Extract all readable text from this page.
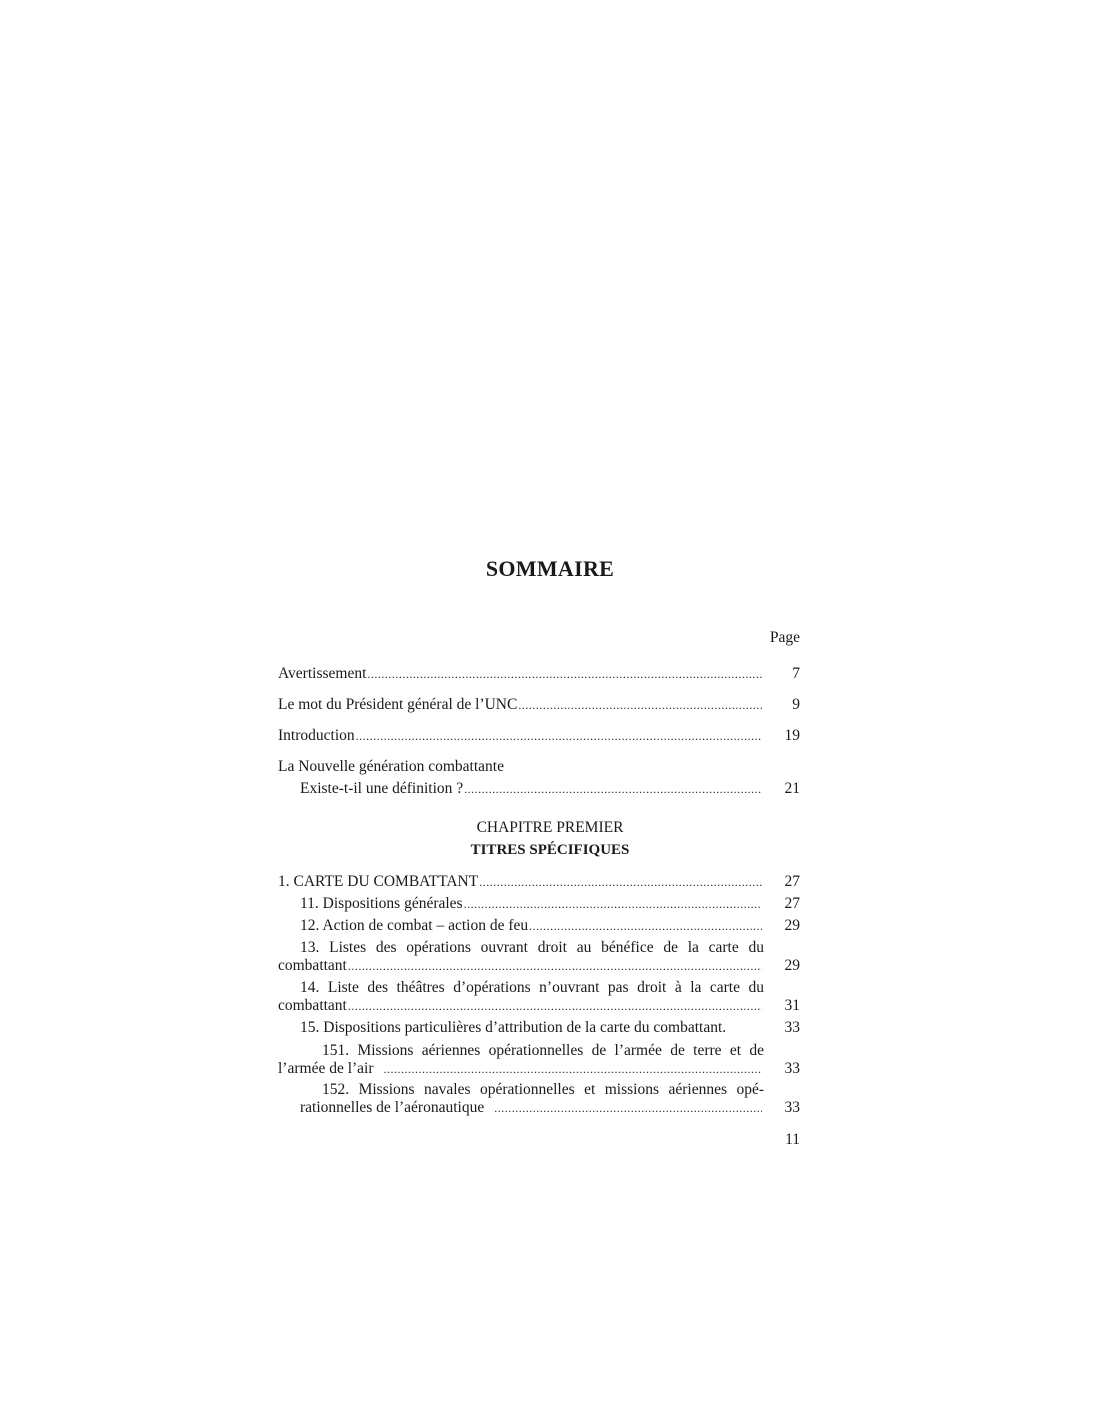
SOMMAIRE
Page
Avertissement .....	7
Le mot du Président général de l’UNC .....	9
Introduction .....	19
La Nouvelle génération combattante
Existe-t-il une définition ? .....	21
CHAPITRE PREMIER
TITRES SPÉCIFIQUES
1. CARTE DU COMBATTANT .....	27
11. Dispositions générales .....	27
12. Action de combat – action de feu .....	29
13. Listes des opérations ouvrant droit au bénéfice de la carte du
combattant .....	29
14. Liste des théâtres d’opérations n’ouvrant pas droit à la carte du
combattant .....	31
15. Dispositions particulières d’attribution de la carte du combattant.	33
151. Missions aériennes opérationnelles de l’armée de terre et de
l’armée de l’air .....	33
152. Missions navales opérationnelles et missions aériennes opé-
rationnelles de l’aéronautique .....	33
11
